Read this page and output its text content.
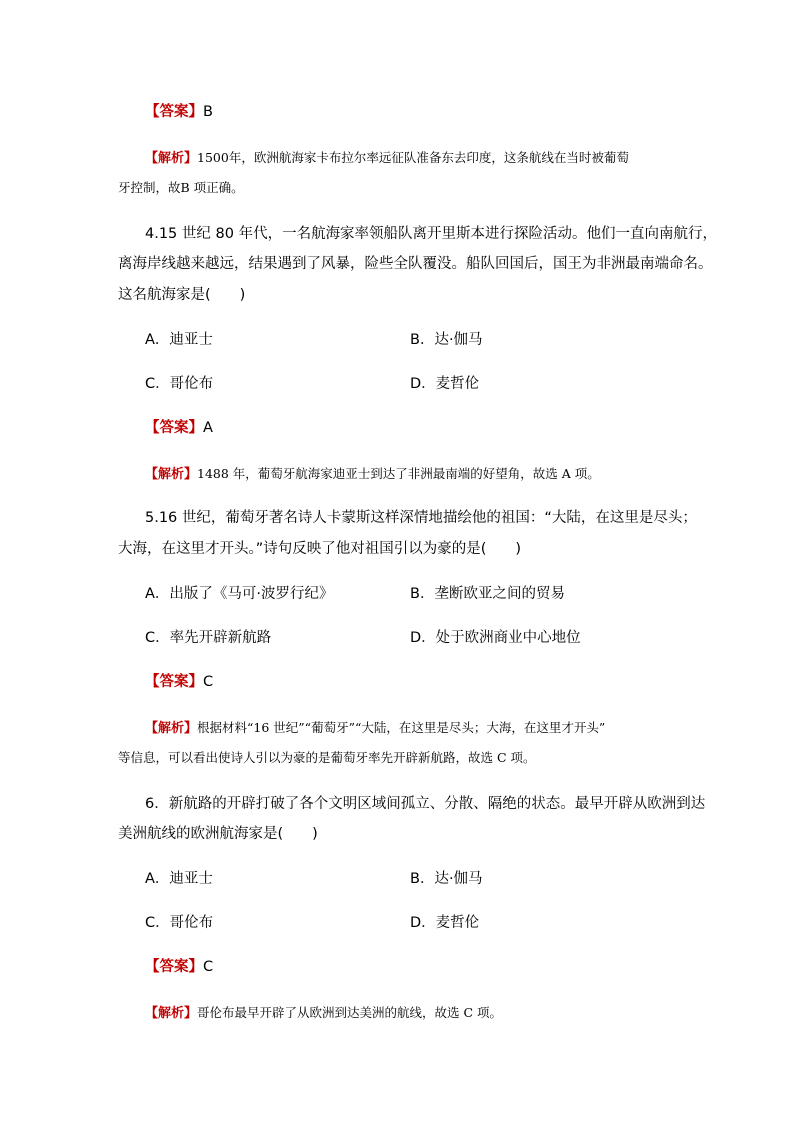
【答案】B
【解析】1500年，欧洲航海家卡布拉尔率远征队准备东去印度，这条航线在当时被葡萄
牙控制，故B 项正确。
4.15 世纪 80 年代，一名航海家率领船队离开里斯本进行探险活动。他们一直向南航行，
离海岸线越来越远，结果遇到了风暴，险些全队覆没。船队回国后，国王为非洲最南端命名。
这名航海家是(　　)
A．迪亚士	B．达·伽马
C．哥伦布	D．麦哲伦
【答案】A
【解析】1488 年，葡萄牙航海家迪亚士到达了非洲最南端的好望角，故选 A 项。
5.16 世纪，葡萄牙著名诗人卡蒙斯这样深情地描绘他的祖国：“大陆，在这里是尽头；
大海，在这里才开头。”诗句反映了他对祖国引以为豪的是(　　)
A．出版了《马可·波罗行纪》	B．垄断欧亚之间的贸易
C．率先开辟新航路	D．处于欧洲商业中心地位
【答案】C
【解析】根据材料“16 世纪”“葡萄牙”“大陆，在这里是尽头；大海，在这里才开头”
等信息，可以看出使诗人引以为豪的是葡萄牙率先开辟新航路，故选 C 项。
6．新航路的开辟打破了各个文明区域间孤立、分散、隔绝的状态。最早开辟从欧洲到达
美洲航线的欧洲航海家是(　　)
A．迪亚士	B．达·伽马
C．哥伦布	D．麦哲伦
【答案】C
【解析】哥伦布最早开辟了从欧洲到达美洲的航线，故选 C 项。
